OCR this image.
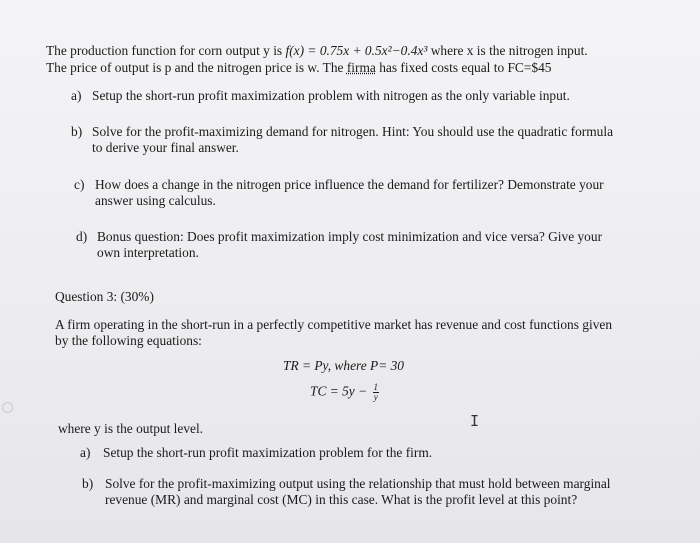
The production function for corn output y is f(x) = 0.75x + 0.5x²−0.4x³ where x is the nitrogen input.
The price of output is p and the nitrogen price is w. The firma has fixed costs equal to FC=$45
a) Setup the short-run profit maximization problem with nitrogen as the only variable input.
b) Solve for the profit-maximizing demand for nitrogen. Hint: You should use the quadratic formula
to derive your final answer.
c) How does a change in the nitrogen price influence the demand for fertilizer? Demonstrate your
answer using calculus.
d) Bonus question: Does profit maximization imply cost minimization and vice versa? Give your
own interpretation.
Question 3: (30%)
A firm operating in the short-run in a perfectly competitive market has revenue and cost functions given
by the following equations:
TR = Py, where P= 30
TC = $5y - \frac{1}{y}$
where y is the output level.
a) Setup the short-run profit maximization problem for the firm.
b) Solve for the profit-maximizing output using the relationship that must hold between marginal
revenue (MR) and marginal cost (MC) in this case. What is the profit level at this point?
I
